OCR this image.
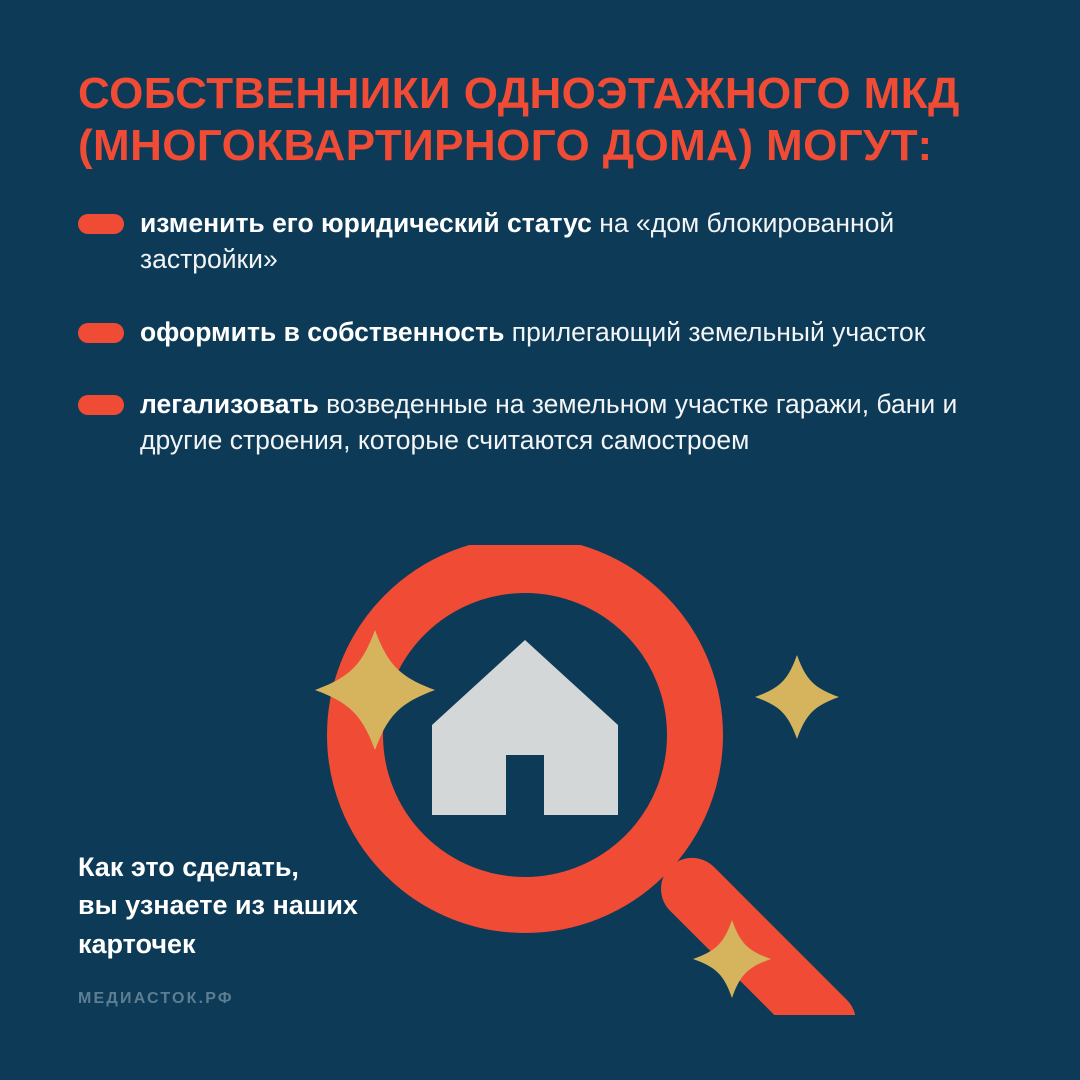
СОБСТВЕННИКИ ОДНОЭТАЖНОГО МКД
(МНОГОКВАРТИРНОГО ДОМА) МОГУТ:
изменить его юридический статус на «дом блокированной застройки»
оформить в собственность прилегающий земельный участок
легализовать возведенные на земельном участке гаражи, бани и другие строения, которые считаются самостроем
Как это сделать,
вы узнаете из наших
карточек
МЕДИАСТОК.РФ
